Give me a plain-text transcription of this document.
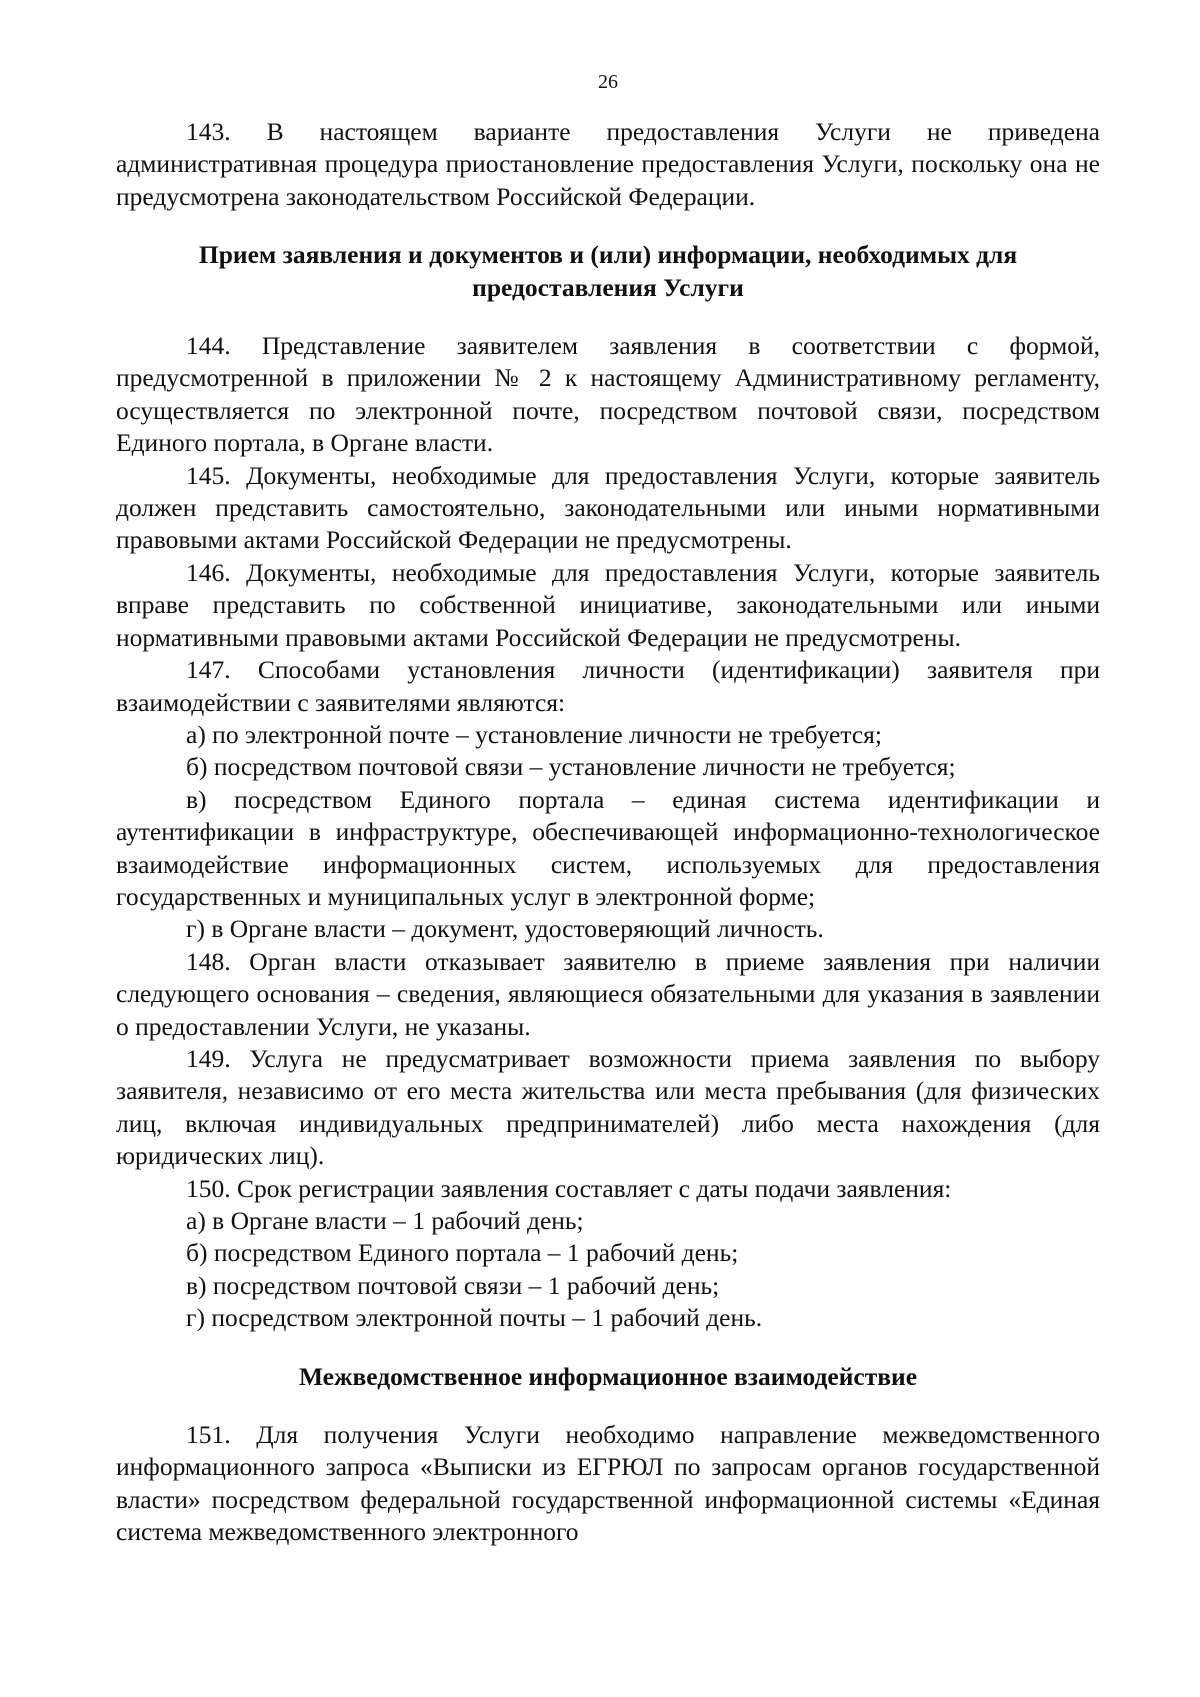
26

143. В настоящем варианте предоставления Услуги не приведена административная процедура приостановление предоставления Услуги, поскольку она не предусмотрена законодательством Российской Федерации.

Прием заявления и документов и (или) информации, необходимых для предоставления Услуги

144. Представление заявителем заявления в соответствии с формой, предусмотренной в приложении № 2 к настоящему Административному регламенту, осуществляется по электронной почте, посредством почтовой связи, посредством Единого портала, в Органе власти.

145. Документы, необходимые для предоставления Услуги, которые заявитель должен представить самостоятельно, законодательными или иными нормативными правовыми актами Российской Федерации не предусмотрены.

146. Документы, необходимые для предоставления Услуги, которые заявитель вправе представить по собственной инициативе, законодательными или иными нормативными правовыми актами Российской Федерации не предусмотрены.

147. Способами установления личности (идентификации) заявителя при взаимодействии с заявителями являются:

а) по электронной почте – установление личности не требуется;

б) посредством почтовой связи – установление личности не требуется;

в) посредством Единого портала – единая система идентификации и аутентификации в инфраструктуре, обеспечивающей информационно-технологическое взаимодействие информационных систем, используемых для предоставления государственных и муниципальных услуг в электронной форме;

г) в Органе власти – документ, удостоверяющий личность.

148. Орган власти отказывает заявителю в приеме заявления при наличии следующего основания – сведения, являющиеся обязательными для указания в заявлении о предоставлении Услуги, не указаны.

149. Услуга не предусматривает возможности приема заявления по выбору заявителя, независимо от его места жительства или места пребывания (для физических лиц, включая индивидуальных предпринимателей) либо места нахождения (для юридических лиц).

150. Срок регистрации заявления составляет с даты подачи заявления:

а) в Органе власти – 1 рабочий день;

б) посредством Единого портала – 1 рабочий день;

в) посредством почтовой связи – 1 рабочий день;

г) посредством электронной почты – 1 рабочий день.

Межведомственное информационное взаимодействие

151. Для получения Услуги необходимо направление межведомственного информационного запроса «Выписки из ЕГРЮЛ по запросам органов государственной власти» посредством федеральной государственной информационной системы «Единая система межведомственного электронного
